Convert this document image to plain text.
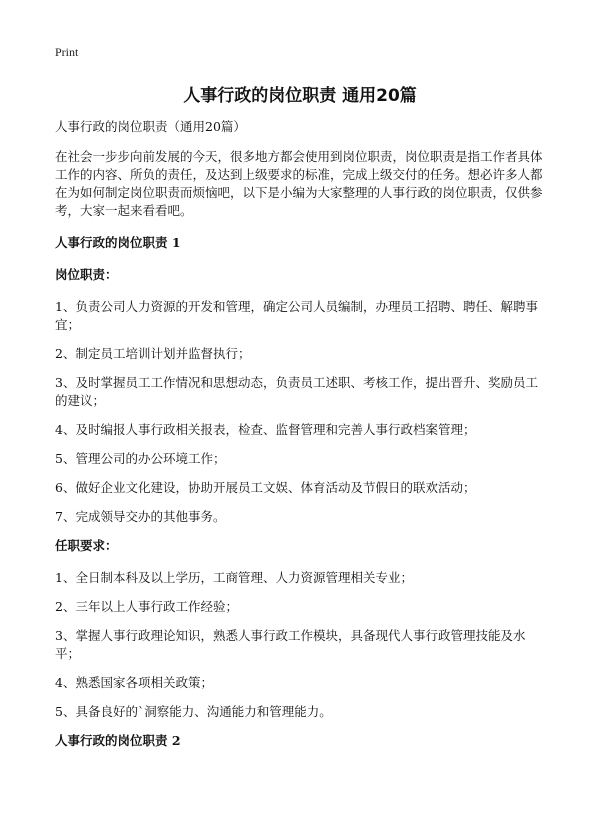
Print
人事行政的岗位职责 通用20篇

人事行政的岗位职责（通用20篇）

在社会一步步向前发展的今天，很多地方都会使用到岗位职责，岗位职责是指工作者具体工作的内容、所负的责任，及达到上级要求的标准，完成上级交付的任务。想必许多人都在为如何制定岗位职责而烦恼吧，以下是小编为大家整理的人事行政的岗位职责，仅供参考，大家一起来看看吧。

人事行政的岗位职责 1

岗位职责：

1、负责公司人力资源的开发和管理，确定公司人员编制，办理员工招聘、聘任、解聘事宜；

2、制定员工培训计划并监督执行；

3、及时掌握员工工作情况和思想动态，负责员工述职、考核工作，提出晋升、奖励员工的建议；

4、及时编报人事行政相关报表，检查、监督管理和完善人事行政档案管理；

5、管理公司的办公环境工作；

6、做好企业文化建设，协助开展员工文娱、体育活动及节假日的联欢活动；

7、完成领导交办的其他事务。

任职要求：

1、全日制本科及以上学历，工商管理、人力资源管理相关专业；

2、三年以上人事行政工作经验；

3、掌握人事行政理论知识，熟悉人事行政工作模块，具备现代人事行政管理技能及水平；

4、熟悉国家各项相关政策；

5、具备良好的`洞察能力、沟通能力和管理能力。

人事行政的岗位职责 2
